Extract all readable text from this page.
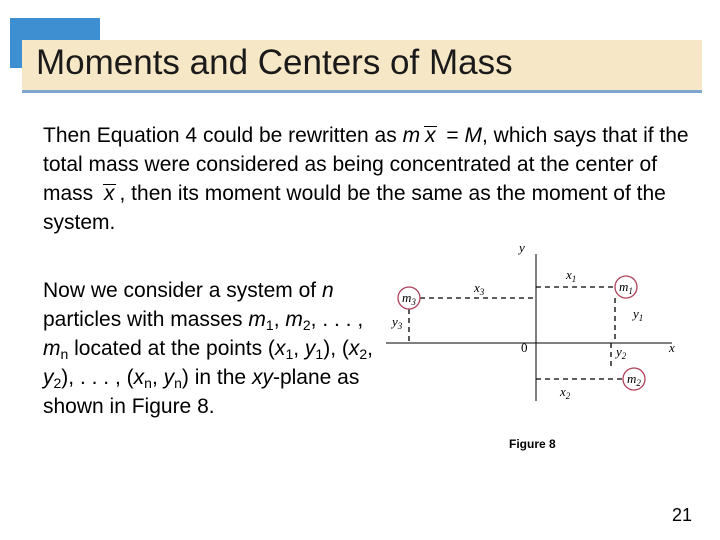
Moments and Centers of Mass
Then Equation 4 could be rewritten as m x = M, which says that if the total mass were considered as being concentrated at the center of mass x , then its moment would be the same as the moment of the system.
Now we consider a system of n particles with masses $m_1$, $m_2$, . . . , $m_n$ located at the points ($x_1$, $y_1$), ($x_2$, $y_2$), . . . , ($x_n$, $y_n$) in the xy-plane as shown in Figure 8.
$m_1$
$m_2$
$m_3$
$x_1$
$x_2$
$x_3$
$y_1$
$y_2$
$y_3$
y
x
0
Figure 8
21
